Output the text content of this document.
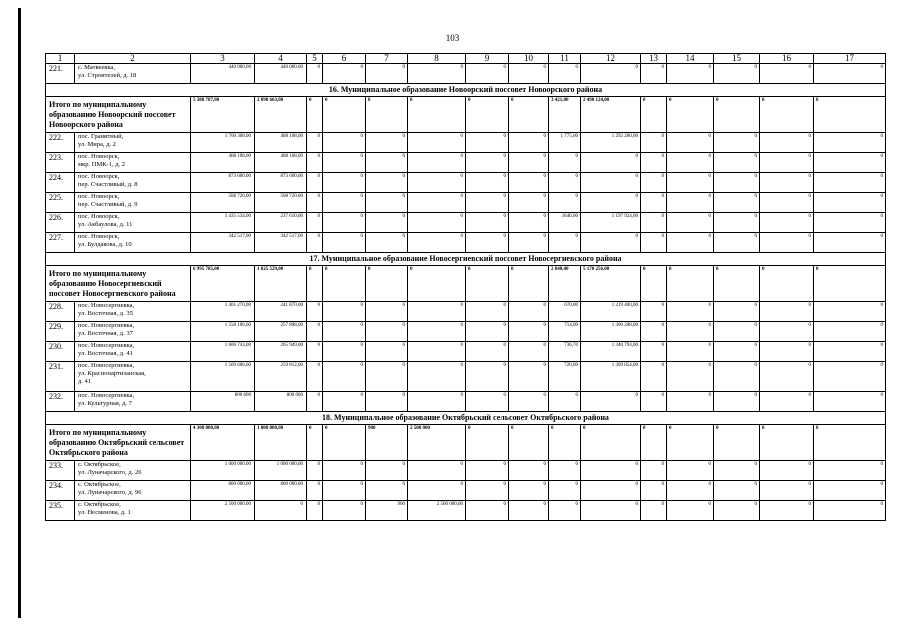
103
1	2	3	4	5	6	7	8	9	10	11	12	13	14	15	16	17
221.	с. Матвеевка,
ул. Строителей, д. 18	440 000,00	440 000,00	0	0	0	0	0	0	0	0	0	0	0	0	0
16. Муниципальное образование Новоорский поссовет Новоорского района																
Итого по муниципальному образованию Новоорский поссовет Новоорского района		5 388 787,00	2 898 663,00	0	0	0	0	0	0	3 421,00	2 490 124,00	0	0	0	0	0
222.	пос. Гранитный,
ул. Мира, д. 2	1 760 308,00	468 108,00	0	0	0	0	0	0	1 775,00	1 292 200,00	0	0	0	0	0
223.	пос. Новоорск,
мкр. ПМК-1, д. 2	468 108,00	468 108,00	0	0	0	0	0	0	0	0	0	0	0	0	0
224.	пос. Новоорск,
пер. Счастливый, д. 8	873 600,00	873 600,00	0	0	0	0	0	0	0	0	0	0	0	0	0
225.	пос. Новоорск,
пер. Счастливый, д. 9	508 720,00	508 720,00	0	0	0	0	0	0	0	0	0	0	0	0	0
226.	пос. Новоорск,
ул. Акбаулова, д. 11	1 435 534,00	237 610,00	0	0	0	0	0	0	1646,00	1 197 924,00	0	0	0	0	0
227.	пос. Новоорск,
ул. Булдакова, д. 10	342 517,00	342 517,00	0	0	0	0	0	0	0	0	0	0	0	0	0
17. Муниципальное образование Новосергиевский поссовет Новосергиевского района																
Итого по муниципальному образованию Новосергиевский поссовет Новосергиевского района		6 995 785,00	1 825 529,00	0	0	0	0	0	0	2 840,40	5 170 256,00	0	0	0	0	0
228.	пос. Новосергиевка,
ул. Восточная, д. 35	1 461 270,00	241 870,00	0	0	0	0	0	0	670,00	1 219 400,00	0	0	0	0	0
229.	пос. Новосергиевка,
ул. Восточная, д. 37	1 558 106,00	257 898,00	0	0	0	0	0	0	714,00	1 300 208,00	0	0	0	0	0
230.	пос. Новосергиевка,
ул. Восточная, д. 41	1 606 743,00	265 949,00	0	0	0	0	0	0	736,70	1 340 794,00	0	0	0	0	0
231.	пос. Новосергиевка,
ул. Краснопартизанская,
д. 41	1 569 666,00	259 812,00	0	0	0	0	0	0	720,00	1 309 854,00	0	0	0	0	0
232.	пос. Новосергиевка,
ул. Культурная, д. 7	800 000	800 000	0	0	0	0	0	0	0	0	0	0	0	0	0
18. Муниципальное образование Октябрьский сельсовет Октябрьского района																
Итого по муниципальному образованию Октябрьский сельсовет Октябрьского района		4 300 000,00	1 800 000,00	0	0	900	2 500 000	0	0	0	0	0	0	0	0	0
233.	с. Октябрьское,
ул. Луначарского, д. 26	1 000 000,00	1 000 000,00	0	0	0	0	0	0	0	0	0	0	0	0	0
234.	с. Октябрьское,
ул. Луначарского, д. 96	800 000,00	800 000,00	0	0	0	0	0	0	0	0	0	0	0	0	0
235.	с. Октябрьское,
ул. Несменова, д. 1	2 500 000,00	0	0	0	900	2 500 000,00	0	0	0	0	0	0	0	0	0
